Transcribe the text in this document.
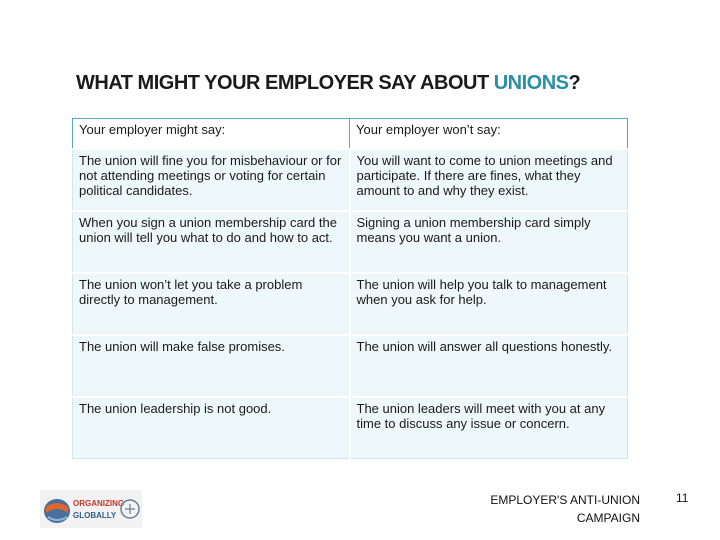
WHAT MIGHT YOUR EMPLOYER SAY ABOUT UNIONS?
Your employer might say:	Your employer won’t say:
The union will fine you for misbehaviour or for not attending meetings or voting for certain political candidates.	You will want to come to union meetings and participate. If there are fines, what they amount to and why they exist.
When you sign a union membership card the union will tell you what to do and how to act.	Signing a union membership card simply means you want a union.
The union won’t let you take a problem directly to management.	The union will help you talk to management when you ask for help.
The union will make false promises.	The union will answer all questions honestly.
The union leadership is not good.	The union leaders will meet with you at any time to discuss any issue or concern.
ORGANIZING
GLOBALLY
EMPLOYER'S ANTI-UNION CAMPAIGN
11
